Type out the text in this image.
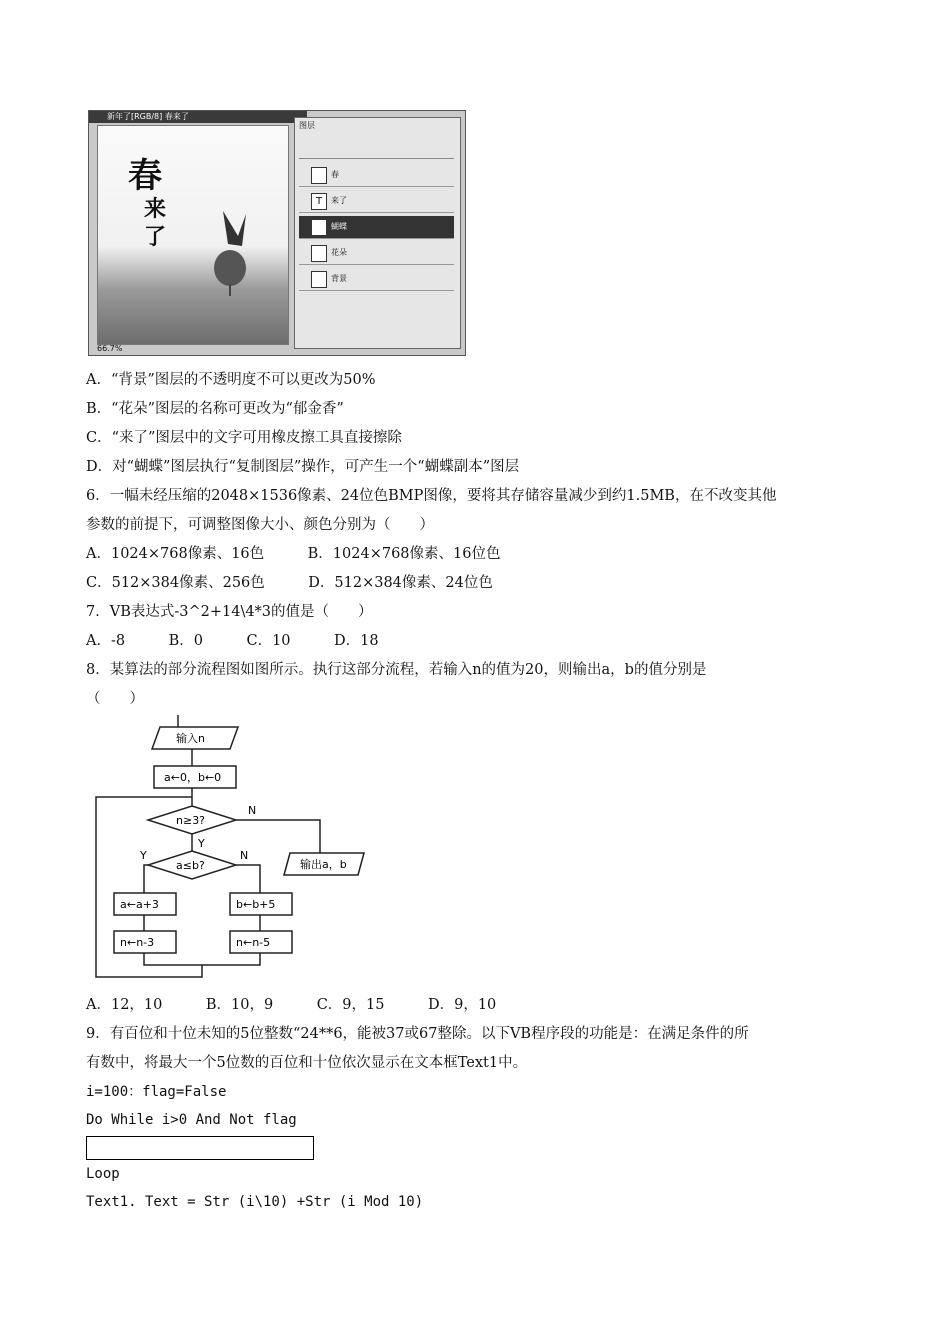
新年了[RGB/8] 春来了
春
来
了
66.7%
图层
春
T	来了
蝴蝶
花朵
背景
A．“背景”图层的不透明度不可以更改为50%
B．“花朵”图层的名称可更改为“郁金香”
C．“来了”图层中的文字可用橡皮擦工具直接擦除
D．对“蝴蝶”图层执行“复制图层”操作，可产生一个“蝴蝶副本”图层
6．一幅未经压缩的2048×1536像素、24位色BMP图像，要将其存储容量减少到约1.5MB，在不改变其他
参数的前提下，可调整图像大小、颜色分别为（　　）
A．1024×768像素、16色　　　B．1024×768像素、16位色
C．512×384像素、256色　　　D．512×384像素、24位色
7．VB表达式-3^2+14\4*3的值是（　　）
A．-8　　　B．0　　　C．10　　　D．18
8．某算法的部分流程图如图所示。执行这部分流程，若输入n的值为20，则输出a，b的值分别是
（　　）
输入n
a←0，b←0
n≥3?
N
Y
输出a，b
a≤b?
Y	N
a←a+3
n←n-3
b←b+5
n←n-5
A．12，10　　　B．10，9　　　C．9，15　　　D．9，10
9．有百位和十位未知的5位整数“24**6，能被37或67整除。以下VB程序段的功能是：在满足条件的所
有数中，将最大一个5位数的百位和十位依次显示在文本框Text1中。
i=100：flag=False
Do While i>0 And Not flag
Loop
Text1. Text = Str (i\10) +Str (i Mod 10)
